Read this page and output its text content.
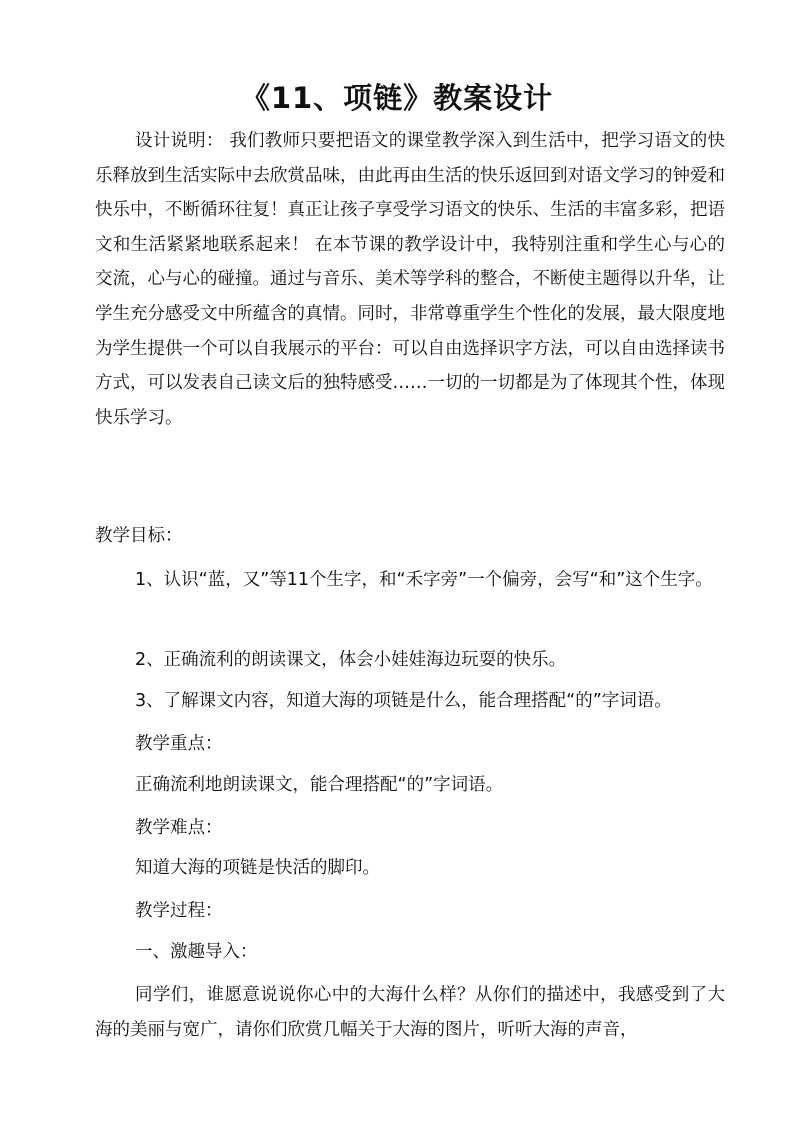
《11、项链》教案设计

设计说明： 我们教师只要把语文的课堂教学深入到生活中，把学习语文的快乐释放到生活实际中去欣赏品味，由此再由生活的快乐返回到对语文学习的钟爱和快乐中，不断循环往复！真正让孩子享受学习语文的快乐、生活的丰富多彩，把语文和生活紧紧地联系起来！ 在本节课的教学设计中，我特别注重和学生心与心的交流，心与心的碰撞。通过与音乐、美术等学科的整合，不断使主题得以升华，让学生充分感受文中所蕴含的真情。同时，非常尊重学生个性化的发展，最大限度地为学生提供一个可以自我展示的平台：可以自由选择识字方法，可以自由选择读书方式，可以发表自己读文后的独特感受……一切的一切都是为了体现其个性，体现快乐学习。

教学目标：

1、认识“蓝，又”等11个生字，和“禾字旁”一个偏旁，会写“和”这个生字。

2、正确流利的朗读课文，体会小娃娃海边玩耍的快乐。

3、了解课文内容，知道大海的项链是什么，能合理搭配“的”字词语。

教学重点：

正确流利地朗读课文，能合理搭配“的”字词语。

教学难点：

知道大海的项链是快活的脚印。

教学过程：

一、激趣导入：

同学们，谁愿意说说你心中的大海什么样？从你们的描述中，我感受到了大海的美丽与宽广，请你们欣赏几幅关于大海的图片，听听大海的声音，
